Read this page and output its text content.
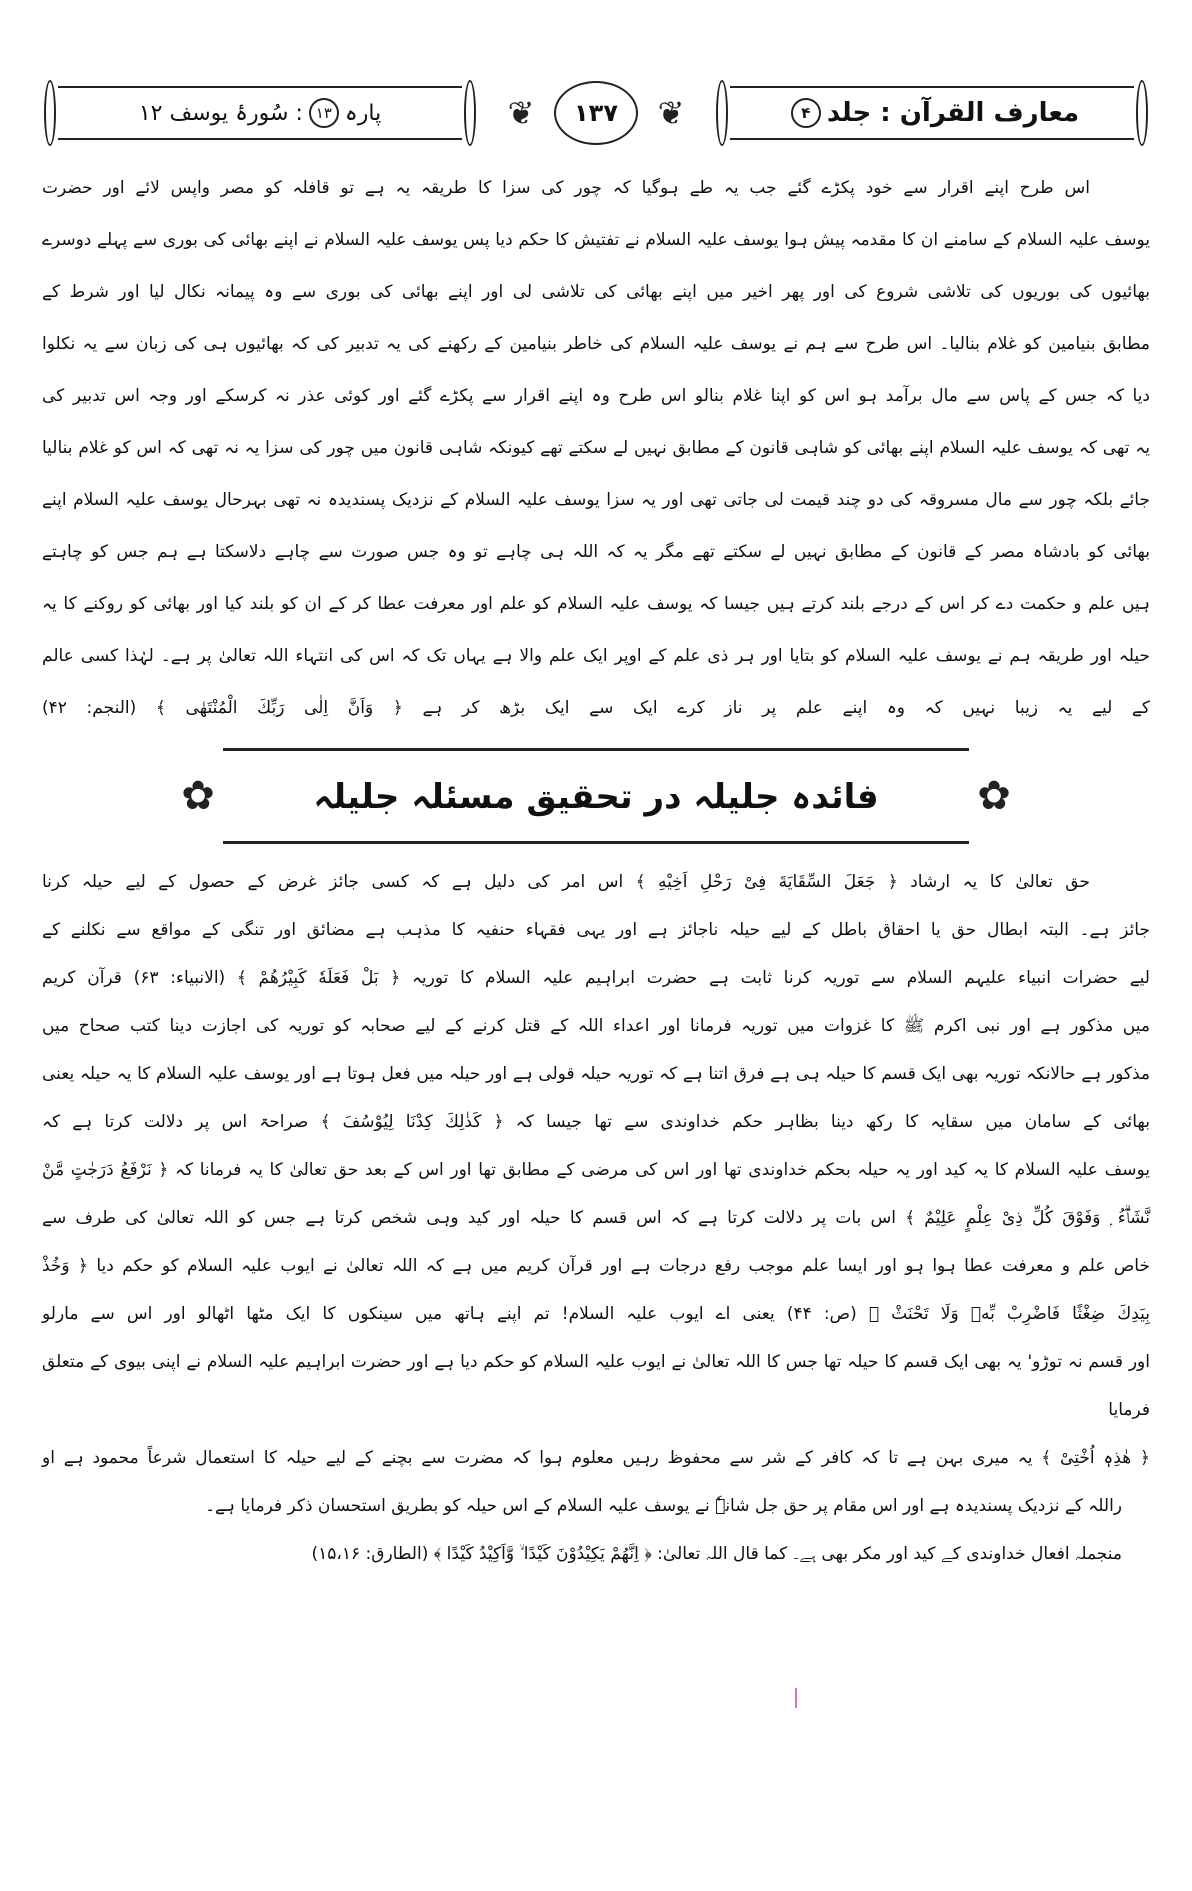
معارف القرآن : جلد
۴
❦	۱۳۷	❦
پارہ
۱۳
: سُورۂ یوسف ۱۲
اس طرح اپنے اقرار سے خود پکڑے گئے جب یہ طے ہوگیا کہ چور کی سزا کا طریقہ یہ ہے تو قافلہ کو مصر واپس لائے اور حضرت
یوسف علیہ السلام کے سامنے ان کا مقدمہ پیش ہوا یوسف علیہ السلام نے تفتیش کا حکم دیا پس یوسف علیہ السلام نے اپنے بھائی کی بوری سے پہلے دوسرے
بھائیوں کی بوریوں کی تلاشی شروع کی اور پھر اخیر میں اپنے بھائی کی تلاشی لی اور اپنے بھائی کی بوری سے وہ پیمانہ نکال لیا اور شرط کے
مطابق بنیامین کو غلام بنالیا۔ اس طرح سے ہم نے یوسف علیہ السلام کی خاطر بنیامین کے رکھنے کی یہ تدبیر کی کہ بھائیوں ہی کی زبان سے یہ نکلوا
دیا کہ جس کے پاس سے مال برآمد ہو اس کو اپنا غلام بنالو اس طرح وہ اپنے اقرار سے پکڑے گئے اور کوئی عذر نہ کرسکے اور وجہ اس تدبیر کی
یہ تھی کہ یوسف علیہ السلام اپنے بھائی کو شاہی قانون کے مطابق نہیں لے سکتے تھے کیونکہ شاہی قانون میں چور کی سزا یہ نہ تھی کہ اس کو غلام بنالیا
جائے بلکہ چور سے مال مسروقہ کی دو چند قیمت لی جاتی تھی اور یہ سزا یوسف علیہ السلام کے نزدیک پسندیدہ نہ تھی بہرحال یوسف علیہ السلام اپنے
بھائی کو بادشاہ مصر کے قانون کے مطابق نہیں لے سکتے تھے مگر یہ کہ اللہ ہی چاہے تو وہ جس صورت سے چاہے دلاسکتا ہے ہم جس کو چاہتے
ہیں علم و حکمت دے کر اس کے درجے بلند کرتے ہیں جیسا کہ یوسف علیہ السلام کو علم اور معرفت عطا کر کے ان کو بلند کیا اور بھائی کو روکنے کا یہ
حیلہ اور طریقہ ہم نے یوسف علیہ السلام کو بتایا اور ہر ذی علم کے اوپر ایک علم والا ہے یہاں تک کہ اس کی انتہاء اللہ تعالیٰ پر ہے۔ لہٰذا کسی عالم
کے لیے یہ زیبا نہیں کہ وہ اپنے علم پر ناز کرے ایک سے ایک بڑھ کر ہے ﴿ وَاَنَّ اِلٰى رَبِّكَ الْمُنْتَهٰى ﴾ (النجم: ۴۲)
✿	✿
فائدہ جلیلہ در تحقیق مسئلہ جلیلہ
حق تعالیٰ کا یہ ارشاد ﴿ جَعَلَ السِّقَایَةَ فِیْ رَحْلِ اَخِیْهِ ﴾ اس امر کی دلیل ہے کہ کسی جائز غرض کے حصول کے لیے حیلہ کرنا
جائز ہے۔ البتہ ابطال حق یا احقاق باطل کے لیے حیلہ ناجائز ہے اور یہی فقہاء حنفیہ کا مذہب ہے مضائق اور تنگی کے مواقع سے نکلنے کے
لیے حضرات انبیاء علیہم السلام سے توریہ کرنا ثابت ہے حضرت ابراہیم علیہ السلام کا توریہ ﴿ بَلْ فَعَلَهٗ كَبِیْرُهُمْ ﴾ (الانبیاء: ۶۳) قرآن کریم
میں مذکور ہے اور نبی اکرم ﷺ کا غزوات میں توریہ فرمانا اور اعداء اللہ کے قتل کرنے کے لیے صحابہ کو توریہ کی اجازت دینا کتب صحاح میں
مذکور ہے حالانکہ توریہ بھی ایک قسم کا حیلہ ہی ہے فرق اتنا ہے کہ توریہ حیلہ قولی ہے اور حیلہ میں فعل ہوتا ہے اور یوسف علیہ السلام کا یہ حیلہ یعنی
بھائی کے سامان میں سقایہ کا رکھ دینا بظاہر حکم خداوندی سے تھا جیسا کہ ﴿ كَذٰلِكَ كِدْنَا لِیُوْسُفَ ﴾ صراحۃ اس پر دلالت کرتا ہے کہ
یوسف علیہ السلام کا یہ کید اور یہ حیلہ بحکم خداوندی تھا اور اس کی مرضی کے مطابق تھا اور اس کے بعد حق تعالیٰ کا یہ فرمانا کہ ﴿ نَرْفَعُ دَرَجٰتٍ مَّنْ
نَّشَاۗءُ ۭ وَفَوْقَ كُلِّ ذِیْ عِلْمٍ عَلِیْمٌ ﴾ اس بات پر دلالت کرتا ہے کہ اس قسم کا حیلہ اور کید وہی شخص کرتا ہے جس کو اللہ تعالیٰ کی طرف سے
خاص علم و معرفت عطا ہوا ہو اور ایسا علم موجب رفع درجات ہے اور قرآن کریم میں ہے کہ اللہ تعالیٰ نے ایوب علیہ السلام کو حکم دیا ﴿ وَخُذْ
بِیَدِكَ ضِغْثًا فَاضْرِبْ بِّهٖ وَلَا تَحْنَثْ ﴾ (ص: ۴۴) یعنی اے ایوب علیہ السلام! تم اپنے ہاتھ میں سینکوں کا ایک مٹھا اٹھالو اور اس سے مارلو
اور قسم نہ توڑو' یہ بھی ایک قسم کا حیلہ تھا جس کا اللہ تعالیٰ نے ایوب علیہ السلام کو حکم دیا ہے اور حضرت ابراہیم علیہ السلام نے اپنی بیوی کے متعلق فرمایا
﴿ هٰذِهٖ اُخْتِیْ ﴾ یہ میری بہن ہے تا کہ کافر کے شر سے محفوظ رہیں معلوم ہوا کہ مضرت سے بچنے کے لیے حیلہ کا استعمال شرعاً محمود ہے او
راللہ کے نزدیک پسندیدہ ہے اور اس مقام پر حق جل شانہٗ نے یوسف علیہ السلام کے اس حیلہ کو بطریق استحسان ذکر فرمایا ہے۔
منجملہ افعال خداوندی کے کید اور مکر بھی ہے۔ کما قال اللہ تعالیٰ: ﴿ اِنَّهُمْ یَكِیْدُوْنَ كَیْدًا ۙ وَّاَكِیْدُ كَیْدًا ﴾ (الطارق: ۱۵،۱۶)
